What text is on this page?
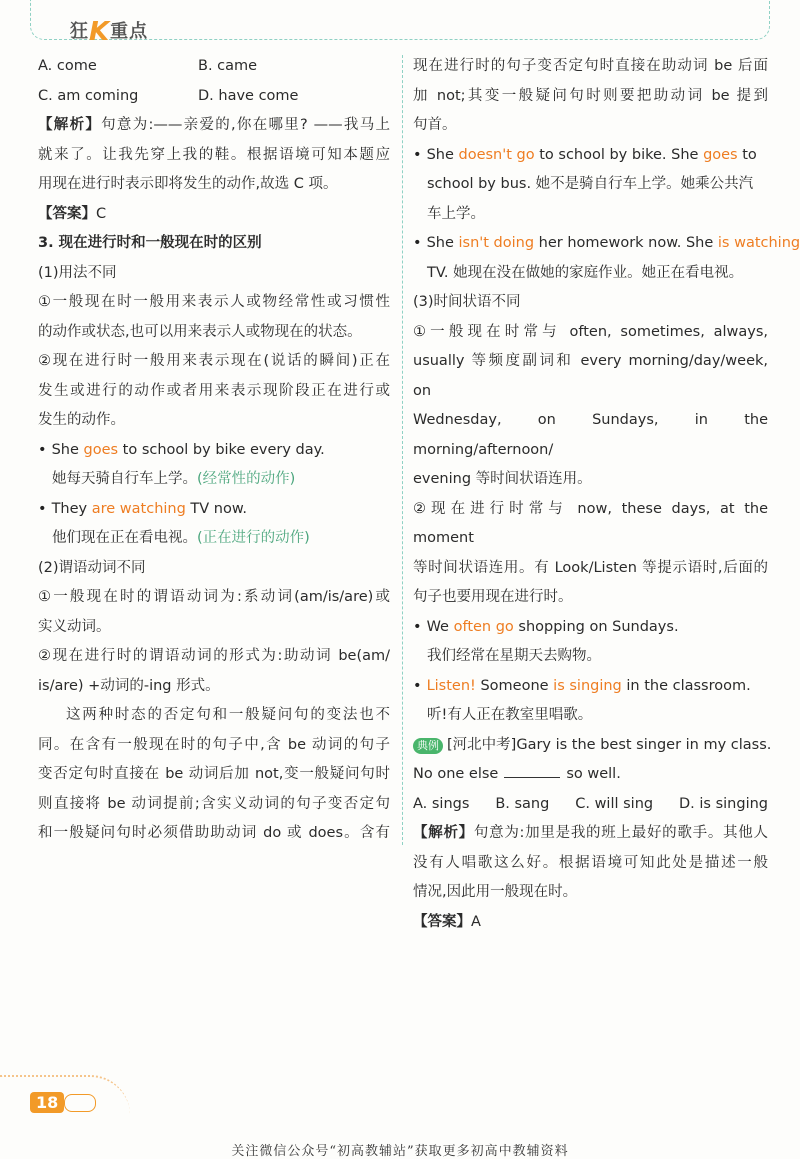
狂K重点
A. come	B. came
C. am coming	D. have come
【解析】句意为:——亲爱的,你在哪里? ——我马上
就来了。让我先穿上我的鞋。根据语境可知本题应
用现在进行时表示即将发生的动作,故选 C 项。
【答案】C
3. 现在进行时和一般现在时的区别
(1)用法不同
①一般现在时一般用来表示人或物经常性或习惯性
的动作或状态,也可以用来表示人或物现在的状态。
②现在进行时一般用来表示现在(说话的瞬间)正在
发生或进行的动作或者用来表示现阶段正在进行或
发生的动作。
• She goes to school by bike every day.
她每天骑自行车上学。(经常性的动作)
• They are watching TV now.
他们现在正在看电视。(正在进行的动作)
(2)谓语动词不同
①一般现在时的谓语动词为:系动词(am/is/are)或
实义动词。
②现在进行时的谓语动词的形式为:助动词 be(am/
is/are) +动词的-ing 形式。
这两种时态的否定句和一般疑问句的变法也不
同。在含有一般现在时的句子中,含 be 动词的句子
变否定句时直接在 be 动词后加 not,变一般疑问句时
则直接将 be 动词提前;含实义动词的句子变否定句
和一般疑问句时必须借助助动词 do 或 does。含有
现在进行时的句子变否定句时直接在助动词 be 后面
加 not;其变一般疑问句时则要把助动词 be 提到
句首。
• She doesn't go to school by bike. She goes to
school by bus. 她不是骑自行车上学。她乘公共汽
车上学。
• She isn't doing her homework now. She is watching
TV. 她现在没在做她的家庭作业。她正在看电视。
(3)时间状语不同
①一般现在时常与 often, sometimes, always,
usually 等频度副词和 every morning/day/week, on
Wednesday, on Sundays, in the morning/afternoon/
evening 等时间状语连用。
②现在进行时常与 now, these days, at the moment
等时间状语连用。有 Look/Listen 等提示语时,后面的
句子也要用现在进行时。
• We often go shopping on Sundays.
我们经常在星期天去购物。
• Listen! Someone is singing in the classroom.
听!有人正在教室里唱歌。
典例 [河北中考]Gary is the best singer in my class.
No one else	so well.
A. sings B. sang C. will sing D. is singing
【解析】句意为:加里是我的班上最好的歌手。其他人
没有人唱歌这么好。根据语境可知此处是描述一般
情况,因此用一般现在时。
【答案】A
18
关注微信公众号“初高教辅站”获取更多初高中教辅资料
